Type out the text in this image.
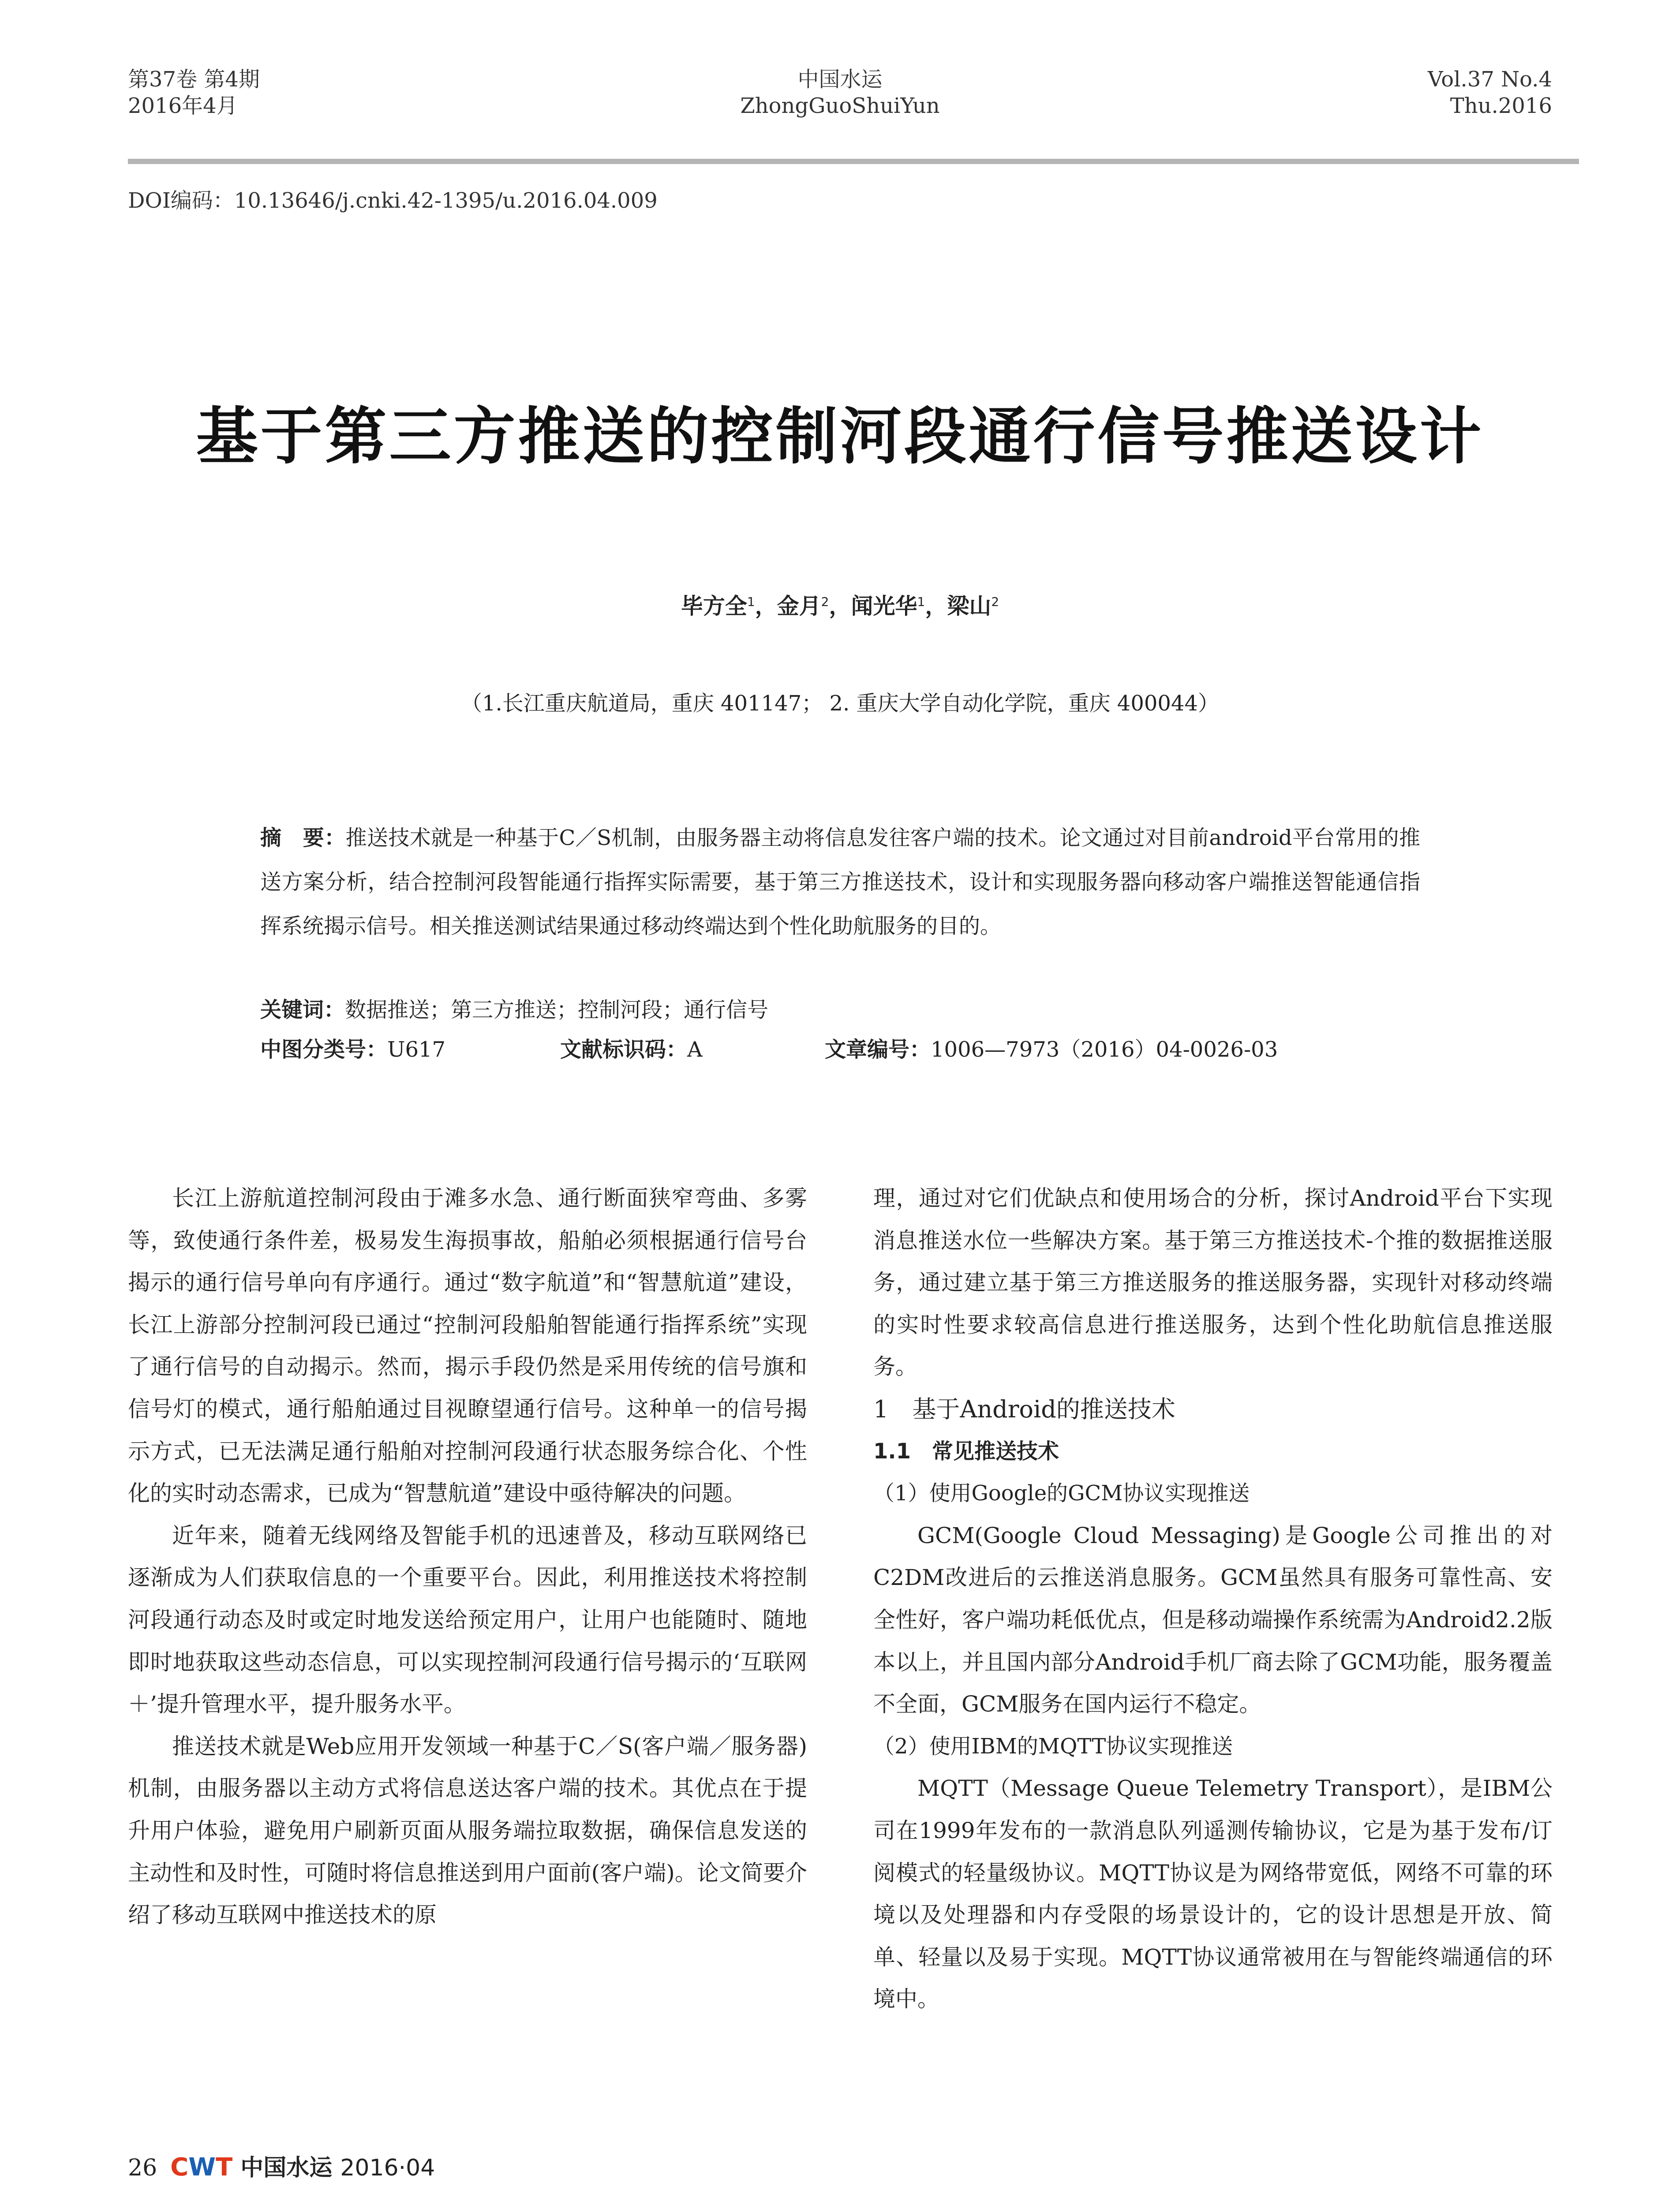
第37卷 第4期
2016年4月
中国水运
ZhongGuoShuiYun
Vol.37 No.4
Thu.2016
DOI编码：10.13646/j.cnki.42-1395/u.2016.04.009
基于第三方推送的控制河段通行信号推送设计
毕方全$^1$，金月$^2$，闻光华$^1$，梁山$^2$
（1.长江重庆航道局，重庆 401147； 2. 重庆大学自动化学院，重庆 400044）
摘　要：推送技术就是一种基于C／S机制，由服务器主动将信息发往客户端的技术。论文通过对目前android平台常用的推送方案分析，结合控制河段智能通行指挥实际需要，基于第三方推送技术，设计和实现服务器向移动客户端推送智能通信指挥系统揭示信号。相关推送测试结果通过移动终端达到个性化助航服务的目的。
关键词：数据推送；第三方推送；控制河段；通行信号
中图分类号：U617	文献标识码：A	文章编号：1006—7973（2016）04-0026-03

长江上游航道控制河段由于滩多水急、通行断面狭窄弯曲、多雾等，致使通行条件差，极易发生海损事故，船舶必须根据通行信号台揭示的通行信号单向有序通行。通过“数字航道”和“智慧航道”建设，长江上游部分控制河段已通过“控制河段船舶智能通行指挥系统”实现了通行信号的自动揭示。然而，揭示手段仍然是采用传统的信号旗和信号灯的模式，通行船舶通过目视瞭望通行信号。这种单一的信号揭示方式，已无法满足通行船舶对控制河段通行状态服务综合化、个性化的实时动态需求，已成为“智慧航道”建设中亟待解决的问题。

近年来，随着无线网络及智能手机的迅速普及，移动互联网络已逐渐成为人们获取信息的一个重要平台。因此，利用推送技术将控制河段通行动态及时或定时地发送给预定用户，让用户也能随时、随地即时地获取这些动态信息，可以实现控制河段通行信号揭示的‘互联网＋’提升管理水平，提升服务水平。

推送技术就是Web应用开发领域一种基于C／S(客户端／服务器)机制，由服务器以主动方式将信息送达客户端的技术。其优点在于提升用户体验，避免用户刷新页面从服务端拉取数据，确保信息发送的主动性和及时性，可随时将信息推送到用户面前(客户端)。论文简要介绍了移动互联网中推送技术的原

理，通过对它们优缺点和使用场合的分析，探讨Android平台下实现消息推送水位一些解决方案。基于第三方推送技术-个推的数据推送服务，通过建立基于第三方推送服务的推送服务器，实现针对移动终端的实时性要求较高信息进行推送服务，达到个性化助航信息推送服务。

1　基于Android的推送技术

1.1　常见推送技术

（1）使用Google的GCM协议实现推送

GCM(Google Cloud Messaging)是Google公司推出的对C2DM改进后的云推送消息服务。GCM虽然具有服务可靠性高、安全性好，客户端功耗低优点，但是移动端操作系统需为Android2.2版本以上，并且国内部分Android手机厂商去除了GCM功能，服务覆盖不全面，GCM服务在国内运行不稳定。

（2）使用IBM的MQTT协议实现推送

MQTT（Message Queue Telemetry Transport），是IBM公司在1999年发布的一款消息队列遥测传输协议，它是为基于发布/订阅模式的轻量级协议。MQTT协议是为网络带宽低，网络不可靠的环境以及处理器和内存受限的场景设计的，它的设计思想是开放、简单、轻量以及易于实现。MQTT协议通常被用在与智能终端通信的环境中。

26 CWT 中国水运 2016·04
